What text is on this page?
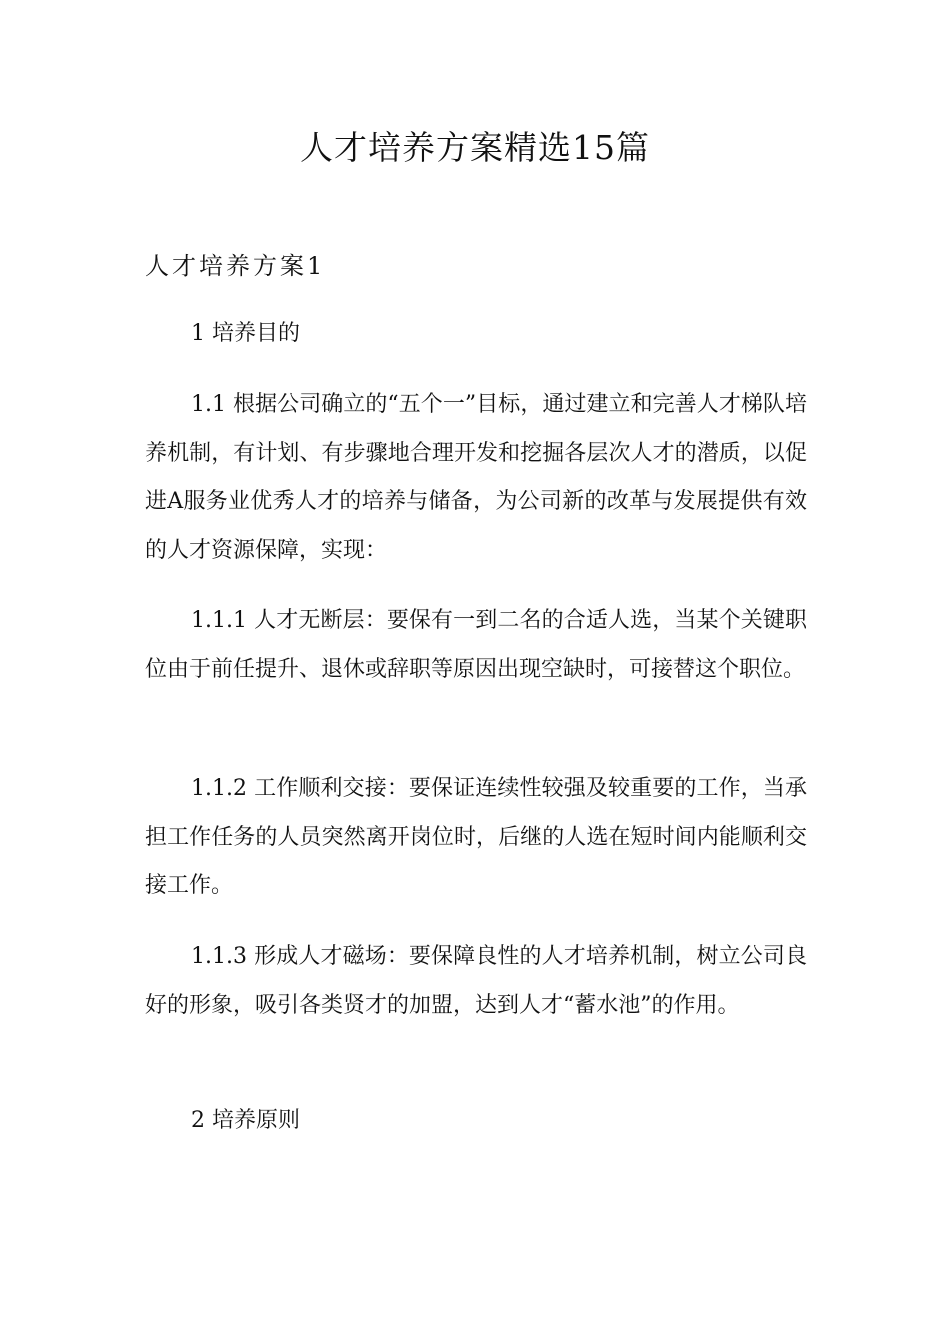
人才培养方案精选15篇
人才培养方案1
1 培养目的

1.1 根据公司确立的“五个一”目标，通过建立和完善人才梯队培养机制，有计划、有步骤地合理开发和挖掘各层次人才的潜质，以促进A服务业优秀人才的培养与储备，为公司新的改革与发展提供有效的人才资源保障，实现：

1.1.1 人才无断层：要保有一到二名的合适人选，当某个关键职位由于前任提升、退休或辞职等原因出现空缺时，可接替这个职位。

1.1.2 工作顺利交接：要保证连续性较强及较重要的工作，当承担工作任务的人员突然离开岗位时，后继的人选在短时间内能顺利交接工作。

1.1.3 形成人才磁场：要保障良性的人才培养机制，树立公司良好的形象，吸引各类贤才的加盟，达到人才“蓄水池”的作用。

2 培养原则
